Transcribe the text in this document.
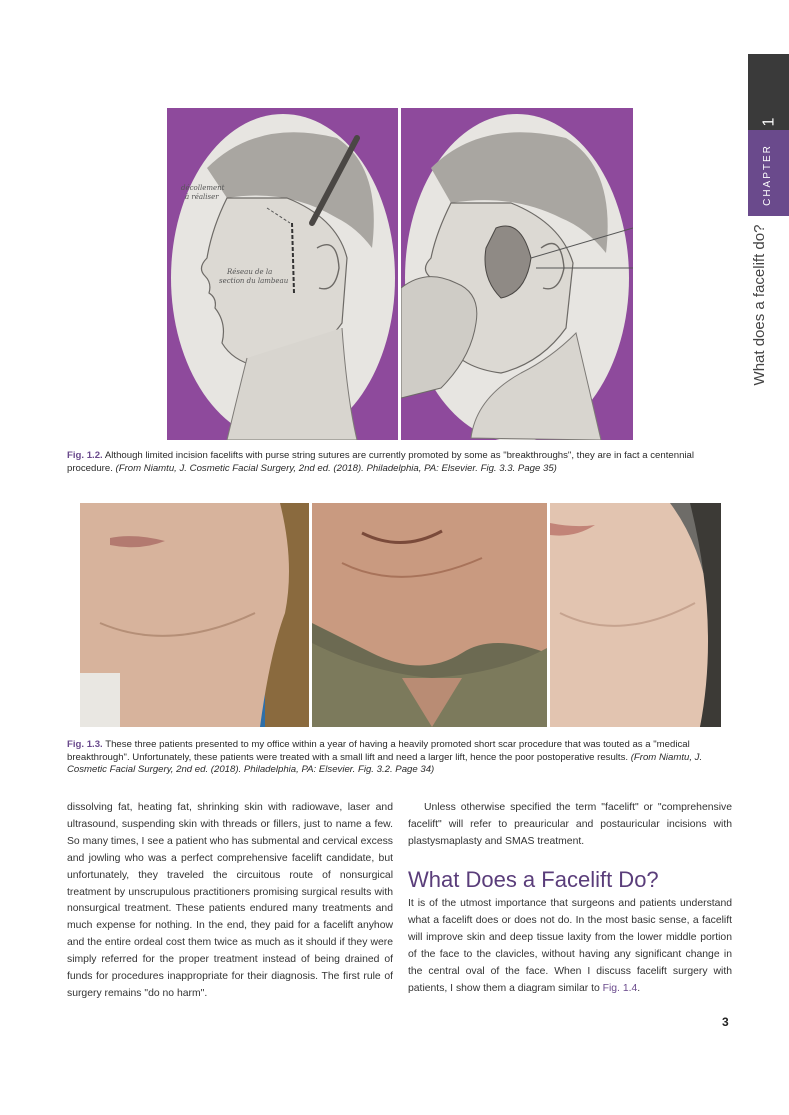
1
CHAPTER
What does a facelift do?
décollement
à réaliser
Réseau de la
section du lambeau
Fig. 1.2. Although limited incision facelifts with purse string sutures are currently promoted by some as "breakthroughs", they are in fact a centennial procedure. (From Niamtu, J. Cosmetic Facial Surgery, 2nd ed. (2018). Philadelphia, PA: Elsevier. Fig. 3.3. Page 35)
Fig. 1.3. These three patients presented to my office within a year of having a heavily promoted short scar procedure that was touted as a "medical breakthrough". Unfortunately, these patients were treated with a small lift and need a larger lift, hence the poor postoperative results. (From Niamtu, J. Cosmetic Facial Surgery, 2nd ed. (2018). Philadelphia, PA: Elsevier. Fig. 3.2. Page 34)

dissolving fat, heating fat, shrinking skin with radiowave, laser and ultrasound, suspending skin with threads or fillers, just to name a few. So many times, I see a patient who has submental and cervical excess and jowling who was a perfect comprehensive facelift candidate, but unfortunately, they traveled the circuitous route of nonsurgical treatment by unscrupulous practitioners promising surgical results with nonsurgical treatment. These patients endured many treatments and much expense for nothing. In the end, they paid for a facelift anyhow and the entire ordeal cost them twice as much as it should if they were simply referred for the proper treatment instead of being drained of funds for procedures inappropriate for their diagnosis. The first rule of surgery remains "do no harm".

Unless otherwise specified the term "facelift" or "comprehensive facelift" will refer to preauricular and postauricular incisions with plastysmaplasty and SMAS treatment.

What Does a Facelift Do?

It is of the utmost importance that surgeons and patients understand what a facelift does or does not do. In the most basic sense, a facelift will improve skin and deep tissue laxity from the lower middle portion of the face to the clavicles, without having any significant change in the central oval of the face. When I discuss facelift surgery with patients, I show them a diagram similar to Fig. 1.4.

3
